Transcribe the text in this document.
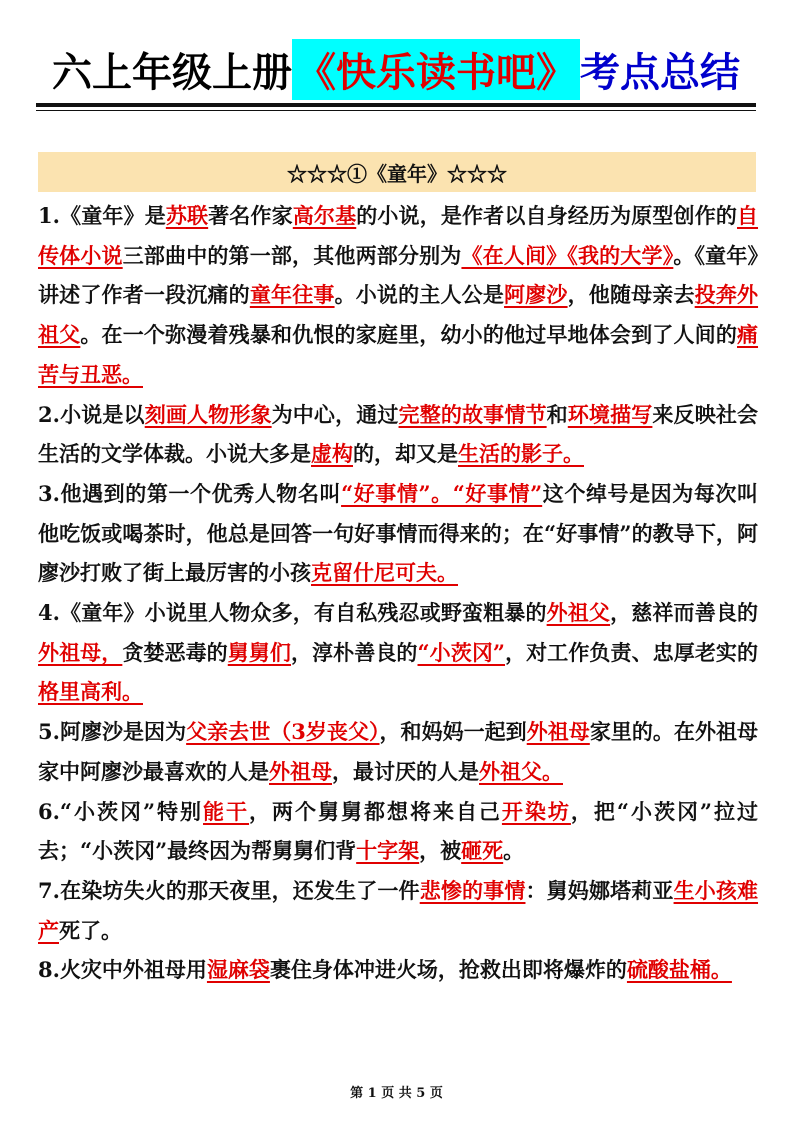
六上年级上册 《快乐读书吧》 考点总结
☆☆☆①《童年》☆☆☆

1.《童年》是苏联著名作家高尔基的小说，是作者以自身经历为原型创作的自传体小说三部曲中的第一部，其他两部分别为《在人间》《我的大学》。《童年》讲述了作者一段沉痛的童年往事。小说的主人公是阿廖沙，他随母亲去投奔外祖父。在一个弥漫着残暴和仇恨的家庭里，幼小的他过早地体会到了人间的痛苦与丑恶。

2.小说是以刻画人物形象为中心，通过完整的故事情节和环境描写来反映社会生活的文学体裁。小说大多是虚构的，却又是生活的影子。

3.他遇到的第一个优秀人物名叫“好事情”。“好事情”这个绰号是因为每次叫他吃饭或喝茶时，他总是回答一句好事情而得来的；在“好事情”的教导下，阿廖沙打败了街上最厉害的小孩克留什尼可夫。

4.《童年》小说里人物众多，有自私残忍或野蛮粗暴的外祖父，慈祥而善良的外祖母，贪婪恶毒的舅舅们，淳朴善良的“小茨冈”，对工作负责、忠厚老实的格里高利。

5.阿廖沙是因为父亲去世（3岁丧父），和妈妈一起到外祖母家里的。在外祖母家中阿廖沙最喜欢的人是外祖母，最讨厌的人是外祖父。

6.“小茨冈”特别能干，两个舅舅都想将来自己开染坊，把“小茨冈”拉过去；“小茨冈”最终因为帮舅舅们背十字架，被砸死。

7.在染坊失火的那天夜里，还发生了一件悲惨的事情：舅妈娜塔莉亚生小孩难产死了。

8.火灾中外祖母用湿麻袋裹住身体冲进火场，抢救出即将爆炸的硫酸盐桶。

第 1 页 共 5 页
